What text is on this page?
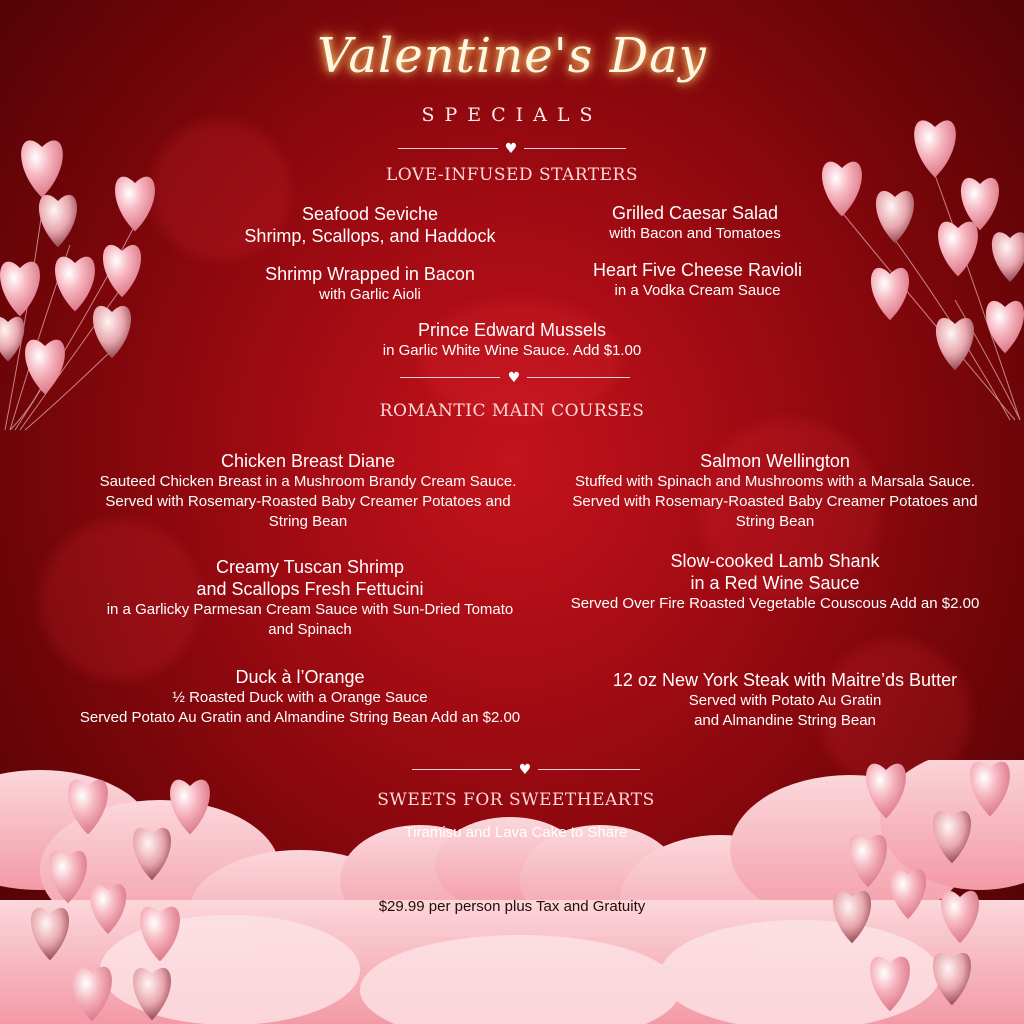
Valentine's Day
SPECIALS
♥
LOVE-INFUSED STARTERS
Seafood Seviche
Shrimp, Scallops, and Haddock
Grilled Caesar Salad
with Bacon and Tomatoes
Shrimp Wrapped in Bacon
with Garlic Aioli
Heart Five Cheese Ravioli
in a Vodka Cream Sauce
Prince Edward Mussels
in Garlic White Wine Sauce. Add $1.00
♥
ROMANTIC MAIN COURSES
Chicken Breast Diane
Sauteed Chicken Breast in a Mushroom Brandy Cream Sauce. Served with Rosemary-Roasted Baby Creamer Potatoes and String Bean
Salmon Wellington
Stuffed with Spinach and Mushrooms with a Marsala Sauce. Served with Rosemary-Roasted Baby Creamer Potatoes and String Bean
Creamy Tuscan Shrimp
and Scallops Fresh Fettucini
in a Garlicky Parmesan Cream Sauce with Sun-Dried Tomato and Spinach
Slow-cooked Lamb Shank
in a Red Wine Sauce
Served Over Fire Roasted Vegetable Couscous Add an $2.00
Duck à l’Orange
½ Roasted Duck with a Orange Sauce
Served Potato Au Gratin and Almandine String Bean Add an $2.00
12 oz New York Steak with Maitre’ds Butter
Served with Potato Au Gratin
and Almandine String Bean
♥
SWEETS FOR SWEETHEARTS
Tiramisu and Lava Cake to Share
$29.99 per person plus Tax and Gratuity
